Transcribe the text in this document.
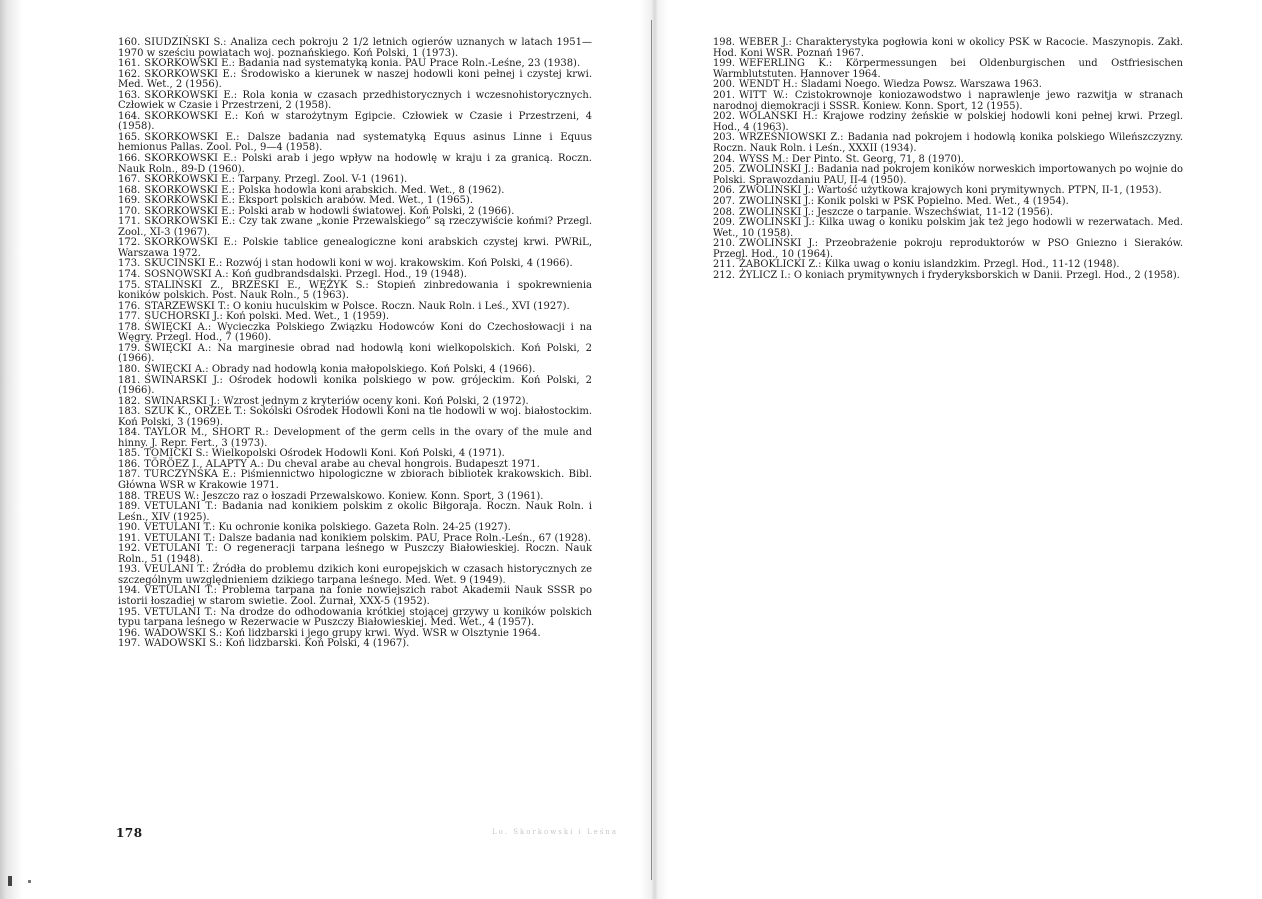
160. SIUDZIŃSKI S.: Analiza cech pokroju 2 1/2 letnich ogierów uznanych w latach 1951—1970 w sześciu powiatach woj. poznańskiego. Koń Polski, 1 (1973).
161. SKORKOWSKI E.: Badania nad systematyką konia. PAU Prace Roln.-Leśne, 23 (1938).
162. SKORKOWSKI E.: Środowisko a kierunek w naszej hodowli koni pełnej i czystej krwi. Med. Wet., 2 (1956).
163. SKORKOWSKI E.: Rola konia w czasach przedhistorycznych i wczesnohistorycznych. Człowiek w Czasie i Przestrzeni, 2 (1958).
164. SKORKOWSKI E.: Koń w starożytnym Egipcie. Człowiek w Czasie i Przestrzeni, 4 (1958).
165. SKORKOWSKI E.: Dalsze badania nad systematyką Equus asinus Linne i Equus hemionus Pallas. Zool. Pol., 9—4 (1958).
166. SKORKOWSKI E.: Polski arab i jego wpływ na hodowlę w kraju i za granicą. Roczn. Nauk Roln., 89-D (1960).
167. SKORKOWSKI E.: Tarpany. Przegl. Zool. V-1 (1961).
168. SKORKOWSKI E.: Polska hodowla koni arabskich. Med. Wet., 8 (1962).
169. SKORKOWSKI E.: Eksport polskich arabów. Med. Wet., 1 (1965).
170. SKORKOWSKI E.: Polski arab w hodowli światowej. Koń Polski, 2 (1966).
171. SKORKOWSKI E.: Czy tak zwane „konie Przewalskiego” są rzeczywiście końmi? Przegl. Zool., XI-3 (1967).
172. SKORKOWSKI E.: Polskie tablice genealogiczne koni arabskich czystej krwi. PWRiL, Warszawa 1972.
173. SKUCIŃSKI E.: Rozwój i stan hodowli koni w woj. krakowskim. Koń Polski, 4 (1966).
174. SOSNOWSKI A.: Koń gudbrandsdalski. Przegl. Hod., 19 (1948).
175. STALIŃSKI Z., BRZESKI E., WĘŻYK S.: Stopień zinbredowania i spokrewnienia koników polskich. Post. Nauk Roln., 5 (1963).
176. STARZEWSKI T.: O koniu huculskim w Polsce. Roczn. Nauk Roln. i Leś., XVI (1927).
177. SUCHORSKI J.: Koń polski. Med. Wet., 1 (1959).
178. ŚWIĘCKI A.: Wycieczka Polskiego Związku Hodowców Koni do Czechosłowacji i na Węgry. Przegl. Hod., 7 (1960).
179. ŚWIĘCKI A.: Na marginesie obrad nad hodowlą koni wielkopolskich. Koń Polski, 2 (1966).
180. ŚWIĘCKI A.: Obrady nad hodowlą konia małopolskiego. Koń Polski, 4 (1966).
181. ŚWINARSKI J.: Ośrodek hodowli konika polskiego w pow. grójeckim. Koń Polski, 2 (1966).
182. SWINARSKI J.: Wzrost jednym z kryteriów oceny koni. Koń Polski, 2 (1972).
183. SZUK K., ORZEŁ T.: Sokólski Ośrodek Hodowli Koni na tle hodowli w woj. białostockim. Koń Polski, 3 (1969).
184. TAYLOR M., SHORT R.: Development of the germ cells in the ovary of the mule and hinny. J. Repr. Fert., 3 (1973).
185. TOMICKI S.: Wielkopolski Ośrodek Hodowli Koni. Koń Polski, 4 (1971).
186. TÖRÖEZ I., ALAPTY A.: Du cheval arabe au cheval hongrois. Budapeszt 1971.
187. TURCZYŃSKA E.: Piśmiennictwo hipologiczne w zbiorach bibliotek krakowskich. Bibl. Główna WSR w Krakowie 1971.
188. TREUS W.: Jeszczo raz o łoszadi Przewalskowo. Koniew. Konn. Sport, 3 (1961).
189. VETULANI T.: Badania nad konikiem polskim z okolic Biłgoraja. Roczn. Nauk Roln. i Leśn., XIV (1925).
190. VETULANI T.: Ku ochronie konika polskiego. Gazeta Roln. 24-25 (1927).
191. VETULANI T.: Dalsze badania nad konikiem polskim. PAU, Prace Roln.-Leśn., 67 (1928).
192. VETULANI T.: O regeneracji tarpana leśnego w Puszczy Białowieskiej. Roczn. Nauk Roln., 51 (1948).
193. VEULANI T.: Źródła do problemu dzikich koni europejskich w czasach historycznych ze szczególnym uwzględnieniem dzikiego tarpana leśnego. Med. Wet. 9 (1949).
194. VETULANI T.: Problema tarpana na fonie nowiejszich rabot Akademii Nauk SSSR po istorii łoszadiej w starom swietie. Zool. Żurnał, XXX-5 (1952).
195. VETULANI T.: Na drodze do odhodowania krótkiej stojącej grzywy u koników polskich typu tarpana leśnego w Rezerwacie w Puszczy Białowieskiej. Med. Wet., 4 (1957).
196. WADOWSKI S.: Koń lidzbarski i jego grupy krwi. Wyd. WSR w Olsztynie 1964.
197. WADOWSKI S.: Koń lidzbarski. Koń Polski, 4 (1967).
198. WEBER J.: Charakterystyka pogłowia koni w okolicy PSK w Racocie. Maszynopis. Zakł. Hod. Koni WSR. Poznań 1967.
199. WEFERLING K.: Körpermessungen bei Oldenburgischen und Ostfriesischen Warmblutstuten. Hannover 1964.
200. WENDT H.: Śladami Noego. Wiedza Powsz. Warszawa 1963.
201. WITT W.: Czistokrownoje koniozawodstwo i naprawlenje jewo razwitja w stranach narodnoj diemokracji i SSSR. Koniew. Konn. Sport, 12 (1955).
202. WOLAŃSKI H.: Krajowe rodziny żeńskie w polskiej hodowli koni pełnej krwi. Przegl. Hod., 4 (1963).
203. WRZEŚNIOWSKI Z.: Badania nad pokrojem i hodowlą konika polskiego Wileńszczyzny. Roczn. Nauk Roln. i Leśn., XXXII (1934).
204. WYSS M.: Der Pinto. St. Georg, 71, 8 (1970).
205. ZWOLIŃSKI J.: Badania nad pokrojem koników norweskich importowanych po wojnie do Polski. Sprawozdaniu PAU, II-4 (1950).
206. ZWOLIŃSKI J.: Wartość użytkowa krajowych koni prymitywnych. PTPN, II-1, (1953).
207. ZWOLIŃSKI J.: Konik polski w PSK Popielno. Med. Wet., 4 (1954).
208. ZWOLIŃSKI J.: Jeszcze o tarpanie. Wszechświat, 11-12 (1956).
209. ZWOLIŃSKI J.: Kilka uwag o koniku polskim jak też jego hodowli w rezerwatach. Med. Wet., 10 (1958).
210. ZWOLIŃSKI J.: Przeobrażenie pokroju reproduktorów w PSO Gniezno i Sieraków. Przegl. Hod., 10 (1964).
211. ŻABOKLICKI Z.: Kilka uwag o koniu islandzkim. Przegl. Hod., 11-12 (1948).
212. ŻYLICZ I.: O koniach prymitywnych i fryderyksborskich w Danii. Przegl. Hod., 2 (1958).
178	Lo. Skorkowski i Leśna
